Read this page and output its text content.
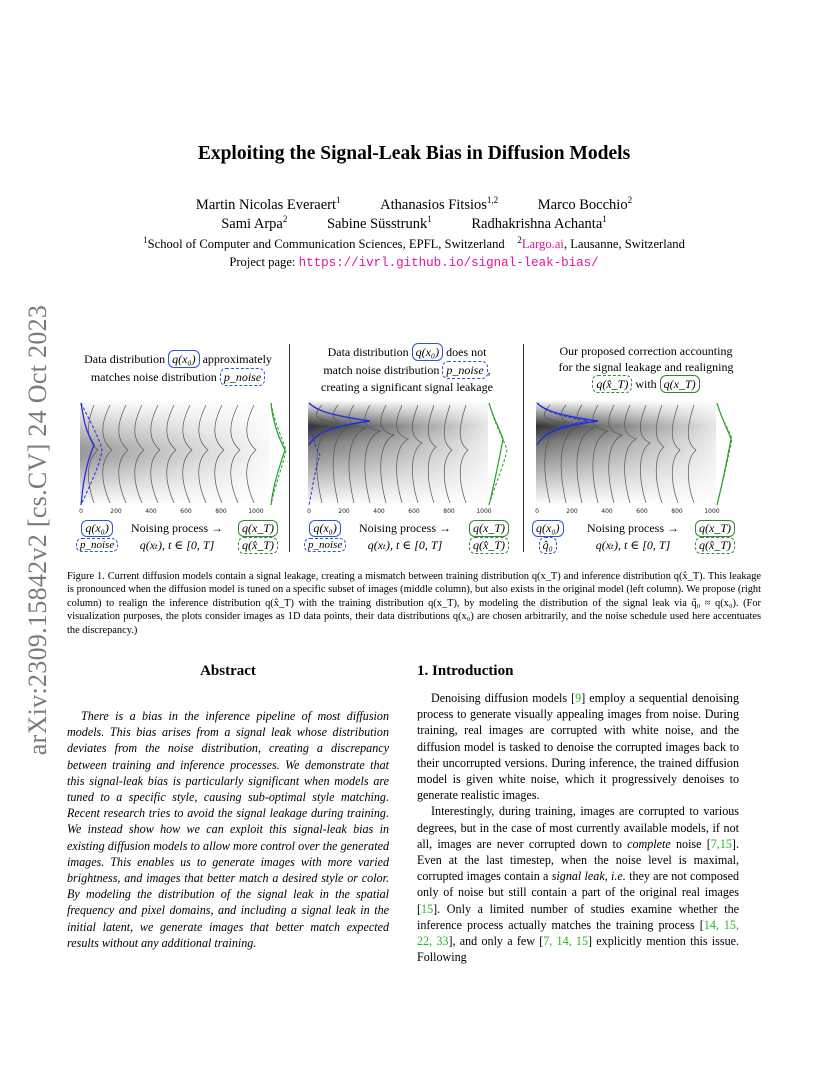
arXiv:2309.15842v2 [cs.CV] 24 Oct 2023
Exploiting the Signal-Leak Bias in Diffusion Models
Martin Nicolas Everaert$^1$	Athanasios Fitsios$^{1,2}$	Marco Bocchio$^2$
Sami Arpa$^2$	Sabine Süsstrunk$^1$	Radhakrishna Achanta$^1$
$^1$School of Computer and Communication Sciences, EPFL, Switzerland $^2$Largo.ai, Lausanne, Switzerland
Project page: https://ivrl.github.io/signal-leak-bias/
Data distribution q(x₀) approximately
matches noise distribution p_noise
Data distribution q(x₀) does not
match noise distribution p_noise ,
creating a significant signal leakage
Our proposed correction accounting
for the signal leakage and realigning
q(x̂_T) with q(x_T)
0	200	400	600	800	1000	0	200	400	600	800	1000	0	200	400	600	800	1000
q(x₀)
p_noise
Noising process →
q(xₜ), t ∈ [0, T]
q(x_T)
q(x̂_T)
q(x₀)
p_noise
Noising process →
q(xₜ), t ∈ [0, T]
q(x_T)
q(x̂_T)
q(x₀)
q̂₀
Noising process →
q(xₜ), t ∈ [0, T]
q(x_T)
q(x̂_T)
Figure 1. Current diffusion models contain a signal leakage, creating a mismatch between training distribution q(x_T) and inference distribution q(x̂_T). This leakage is pronounced when the diffusion model is tuned on a specific subset of images (middle column), but also exists in the original model (left column). We propose (right column) to realign the inference distribution q(x̂_T) with the training distribution q(x_T), by modeling the distribution of the signal leak via q̂₀ ≈ q(x₀). (For visualization purposes, the plots consider images as 1D data points, their data distributions q(x₀) are chosen arbitrarily, and the noise schedule used here accentuates the discrepancy.)
Abstract
There is a bias in the inference pipeline of most diffusion models. This bias arises from a signal leak whose distribution deviates from the noise distribution, creating a discrepancy between training and inference processes. We demonstrate that this signal-leak bias is particularly significant when models are tuned to a specific style, causing sub-optimal style matching. Recent research tries to avoid the signal leakage during training. We instead show how we can exploit this signal-leak bias in existing diffusion models to allow more control over the generated images. This enables us to generate images with more varied brightness, and images that better match a desired style or color. By modeling the distribution of the signal leak in the spatial frequency and pixel domains, and including a signal leak in the initial latent, we generate images that better match expected results without any additional training.
1. Introduction

Denoising diffusion models [9] employ a sequential denoising process to generate visually appealing images from noise. During training, real images are corrupted with white noise, and the diffusion model is tasked to denoise the corrupted images back to their uncorrupted versions. During inference, the trained diffusion model is given white noise, which it progressively denoises to generate realistic images.

Interestingly, during training, images are corrupted to various degrees, but in the case of most currently available models, if not all, images are never corrupted down to complete noise [7,15]. Even at the last timestep, when the noise level is maximal, corrupted images contain a signal leak, i.e. they are not composed only of noise but still contain a part of the original real images [15]. Only a limited number of studies examine whether the inference process actually matches the training process [14, 15, 22, 33], and only a few [7, 14, 15] explicitly mention this issue. Following
